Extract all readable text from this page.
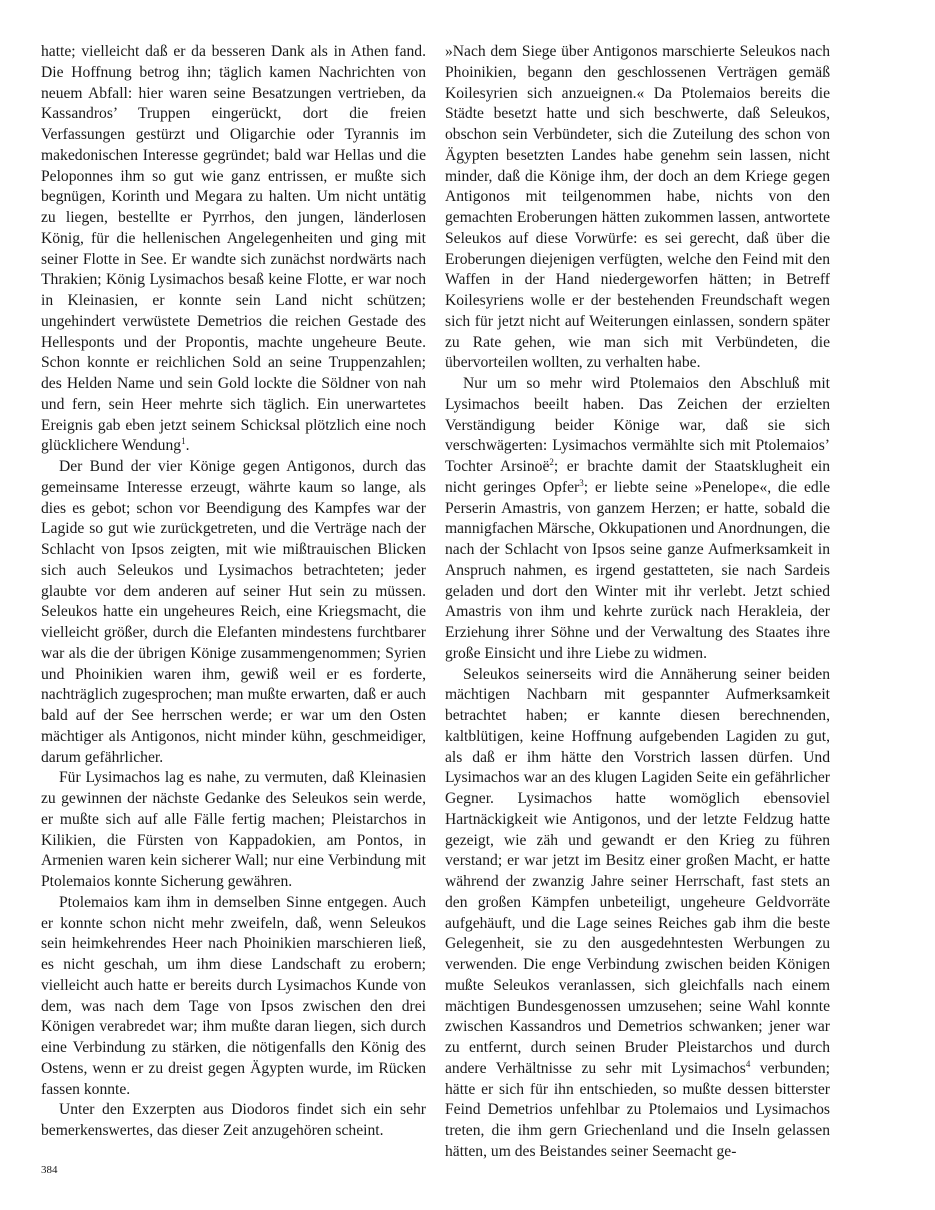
hatte; vielleicht daß er da besseren Dank als in Athen fand. Die Hoffnung betrog ihn; täglich kamen Nachrichten von neuem Abfall: hier waren seine Besatzungen vertrieben, da Kassandros’ Truppen eingerückt, dort die freien Verfassungen gestürzt und Oligarchie oder Tyrannis im makedonischen Interesse gegründet; bald war Hellas und die Peloponnes ihm so gut wie ganz entrissen, er mußte sich begnügen, Korinth und Megara zu halten. Um nicht untätig zu liegen, bestellte er Pyrrhos, den jungen, länderlosen König, für die hellenischen Angelegenheiten und ging mit seiner Flotte in See. Er wandte sich zunächst nordwärts nach Thrakien; König Lysimachos besaß keine Flotte, er war noch in Kleinasien, er konnte sein Land nicht schützen; ungehindert verwüstete Demetrios die reichen Gestade des Hellesponts und der Propontis, machte ungeheure Beute. Schon konnte er reichlichen Sold an seine Truppenzahlen; des Helden Name und sein Gold lockte die Söldner von nah und fern, sein Heer mehrte sich täglich. Ein unerwartetes Ereignis gab eben jetzt seinem Schicksal plötzlich eine noch glücklichere Wendung$^1$.

Der Bund der vier Könige gegen Antigonos, durch das gemeinsame Interesse erzeugt, währte kaum so lange, als dies es gebot; schon vor Beendigung des Kampfes war der Lagide so gut wie zurückgetreten, und die Verträge nach der Schlacht von Ipsos zeigten, mit wie mißtrauischen Blicken sich auch Seleukos und Lysimachos betrachteten; jeder glaubte vor dem anderen auf seiner Hut sein zu müssen. Seleukos hatte ein ungeheures Reich, eine Kriegsmacht, die vielleicht größer, durch die Elefanten mindestens furchtbarer war als die der übrigen Könige zusammengenommen; Syrien und Phoinikien waren ihm, gewiß weil er es forderte, nachträglich zugesprochen; man mußte erwarten, daß er auch bald auf der See herrschen werde; er war um den Osten mächtiger als Antigonos, nicht minder kühn, geschmeidiger, darum gefährlicher.

Für Lysimachos lag es nahe, zu vermuten, daß Kleinasien zu gewinnen der nächste Gedanke des Seleukos sein werde, er mußte sich auf alle Fälle fertig machen; Pleistarchos in Kilikien, die Fürsten von Kappadokien, am Pontos, in Armenien waren kein sicherer Wall; nur eine Verbindung mit Ptolemaios konnte Sicherung gewähren.

Ptolemaios kam ihm in demselben Sinne entgegen. Auch er konnte schon nicht mehr zweifeln, daß, wenn Seleukos sein heimkehrendes Heer nach Phoinikien marschieren ließ, es nicht geschah, um ihm diese Landschaft zu erobern; vielleicht auch hatte er bereits durch Lysimachos Kunde von dem, was nach dem Tage von Ipsos zwischen den drei Königen verabredet war; ihm mußte daran liegen, sich durch eine Verbindung zu stärken, die nötigenfalls den König des Ostens, wenn er zu dreist gegen Ägypten wurde, im Rücken fassen konnte.

Unter den Exzerpten aus Diodoros findet sich ein sehr bemerkenswertes, das dieser Zeit anzugehören scheint.

»Nach dem Siege über Antigonos marschierte Seleukos nach Phoinikien, begann den geschlossenen Verträgen gemäß Koilesyrien sich anzueignen.« Da Ptolemaios bereits die Städte besetzt hatte und sich beschwerte, daß Seleukos, obschon sein Verbündeter, sich die Zuteilung des schon von Ägypten besetzten Landes habe genehm sein lassen, nicht minder, daß die Könige ihm, der doch an dem Kriege gegen Antigonos mit teilgenommen habe, nichts von den gemachten Eroberungen hätten zukommen lassen, antwortete Seleukos auf diese Vorwürfe: es sei gerecht, daß über die Eroberungen diejenigen verfügten, welche den Feind mit den Waffen in der Hand niedergeworfen hätten; in Betreff Koilesyriens wolle er der bestehenden Freundschaft wegen sich für jetzt nicht auf Weiterungen einlassen, sondern später zu Rate gehen, wie man sich mit Verbündeten, die übervorteilen wollten, zu verhalten habe.

Nur um so mehr wird Ptolemaios den Abschluß mit Lysimachos beeilt haben. Das Zeichen der erzielten Verständigung beider Könige war, daß sie sich verschwägerten: Lysimachos vermählte sich mit Ptolemaios’ Tochter Arsinoë$^2$; er brachte damit der Staatsklugheit ein nicht geringes Opfer$^3$; er liebte seine »Penelope«, die edle Perserin Amastris, von ganzem Herzen; er hatte, sobald die mannigfachen Märsche, Okkupationen und Anordnungen, die nach der Schlacht von Ipsos seine ganze Aufmerksamkeit in Anspruch nahmen, es irgend gestatteten, sie nach Sardeis geladen und dort den Winter mit ihr verlebt. Jetzt schied Amastris von ihm und kehrte zurück nach Herakleia, der Erziehung ihrer Söhne und der Verwaltung des Staates ihre große Einsicht und ihre Liebe zu widmen.

Seleukos seinerseits wird die Annäherung seiner beiden mächtigen Nachbarn mit gespannter Aufmerksamkeit betrachtet haben; er kannte diesen berechnenden, kaltblütigen, keine Hoffnung aufgebenden Lagiden zu gut, als daß er ihm hätte den Vorstrich lassen dürfen. Und Lysimachos war an des klugen Lagiden Seite ein gefährlicher Gegner. Lysimachos hatte womöglich ebensoviel Hartnäckigkeit wie Antigonos, und der letzte Feldzug hatte gezeigt, wie zäh und gewandt er den Krieg zu führen verstand; er war jetzt im Besitz einer großen Macht, er hatte während der zwanzig Jahre seiner Herrschaft, fast stets an den großen Kämpfen unbeteiligt, ungeheure Geldvorräte aufgehäuft, und die Lage seines Reiches gab ihm die beste Gelegenheit, sie zu den ausgedehntesten Werbungen zu verwenden. Die enge Verbindung zwischen beiden Königen mußte Seleukos veranlassen, sich gleichfalls nach einem mächtigen Bundesgenossen umzusehen; seine Wahl konnte zwischen Kassandros und Demetrios schwanken; jener war zu entfernt, durch seinen Bruder Pleistarchos und durch andere Verhältnisse zu sehr mit Lysimachos$^4$ verbunden; hätte er sich für ihn entschieden, so mußte dessen bitterster Feind Demetrios unfehlbar zu Ptolemaios und Lysimachos treten, die ihm gern Griechenland und die Inseln gelassen hätten, um des Beistandes seiner Seemacht ge-

384
